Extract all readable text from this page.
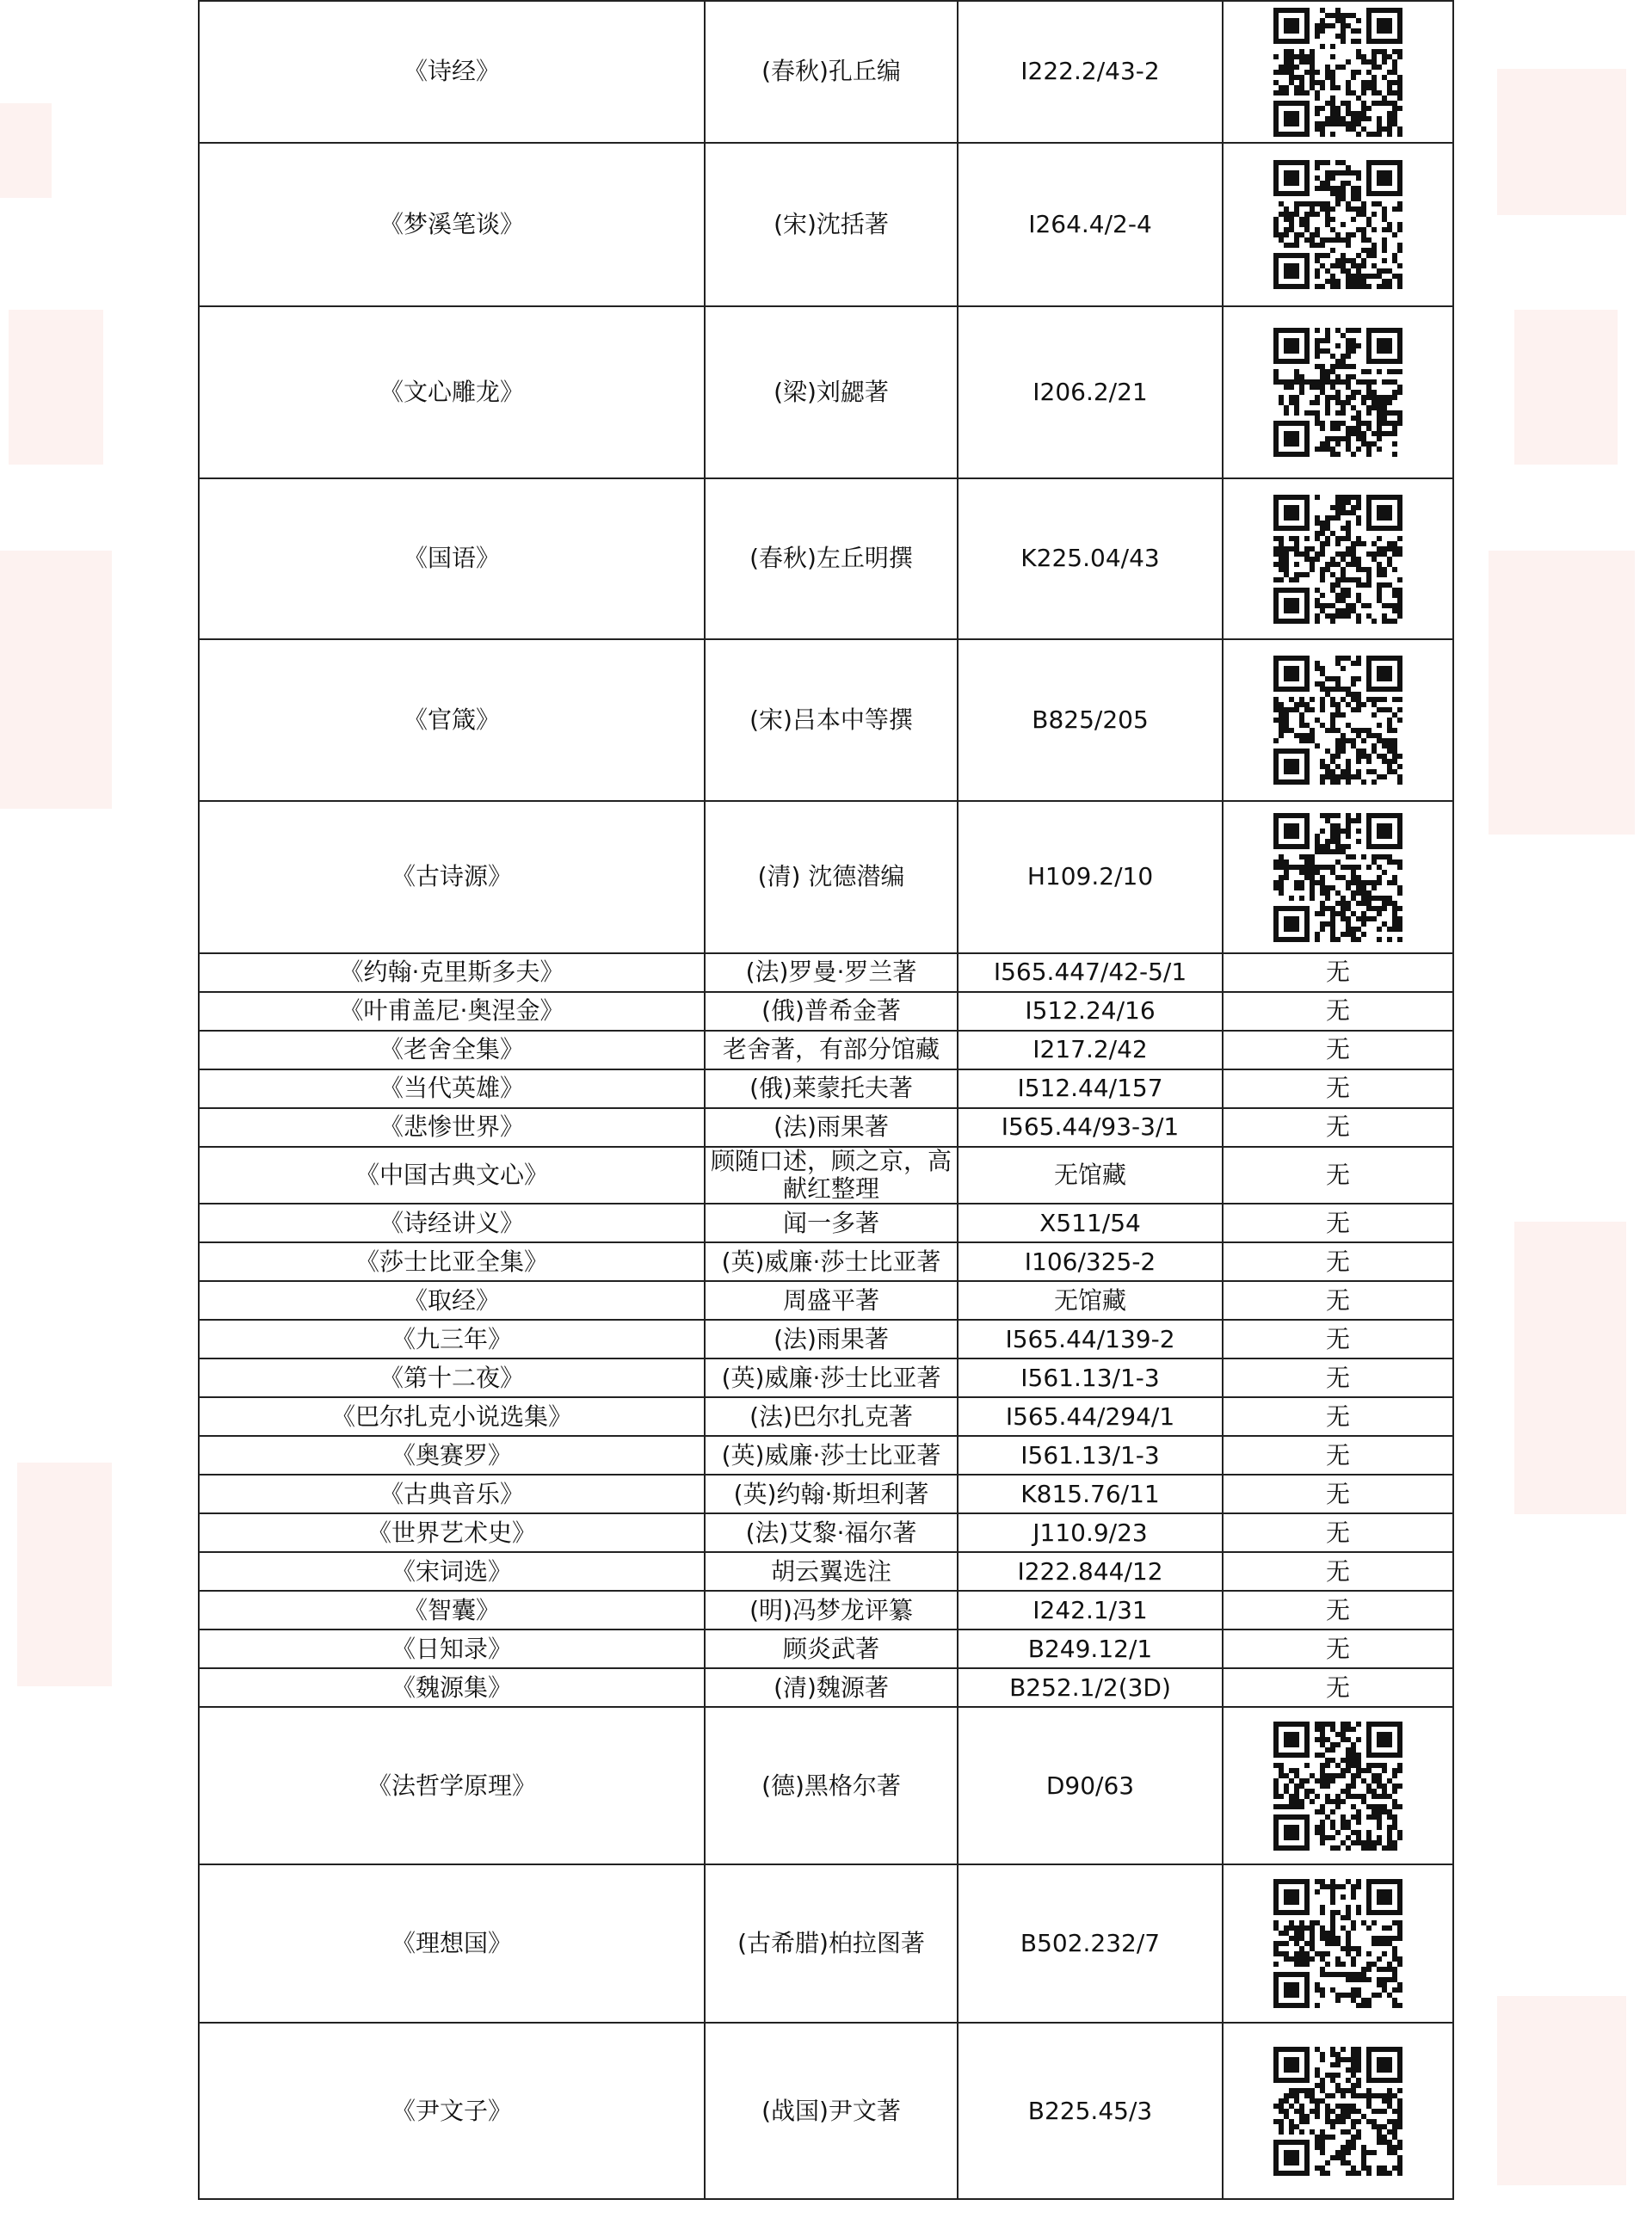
《诗经》	(春秋)孔丘编	I222.2/43-2	

《梦溪笔谈》	(宋)沈括著	I264.4/2-4	

《文心雕龙》	(梁)刘勰著	I206.2/21	

《国语》	(春秋)左丘明撰	K225.04/43	

《官箴》	(宋)吕本中等撰	B825/205	

《古诗源》	(清) 沈德潜编	H109.2/10	

《约翰·克里斯多夫》	(法)罗曼·罗兰著	I565.447/42-5/1	无
《叶甫盖尼·奥涅金》	(俄)普希金著	I512.24/16	无
《老舍全集》	老舍著，有部分馆藏	I217.2/42	无
《当代英雄》	(俄)莱蒙托夫著	I512.44/157	无
《悲惨世界》	(法)雨果著	I565.44/93-3/1	无
《中国古典文心》	顾随口述，顾之京，高献红整理	无馆藏	无
《诗经讲义》	闻一多著	X511/54	无
《莎士比亚全集》	(英)威廉·莎士比亚著	I106/325-2	无
《取经》	周盛平著	无馆藏	无
《九三年》	(法)雨果著	I565.44/139-2	无
《第十二夜》	(英)威廉·莎士比亚著	I561.13/1-3	无
《巴尔扎克小说选集》	(法)巴尔扎克著	I565.44/294/1	无
《奥赛罗》	(英)威廉·莎士比亚著	I561.13/1-3	无
《古典音乐》	(英)约翰·斯坦利著	K815.76/11	无
《世界艺术史》	(法)艾黎·福尔著	J110.9/23	无
《宋词选》	胡云翼选注	I222.844/12	无
《智囊》	(明)冯梦龙评纂	I242.1/31	无
《日知录》	顾炎武著	B249.12/1	无
《魏源集》	(清)魏源著	B252.1/2(3D)	无
《法哲学原理》	(德)黑格尔著	D90/63	

《理想国》	(古希腊)柏拉图著	B502.232/7	

《尹文子》	(战国)尹文著	B225.45/3	
